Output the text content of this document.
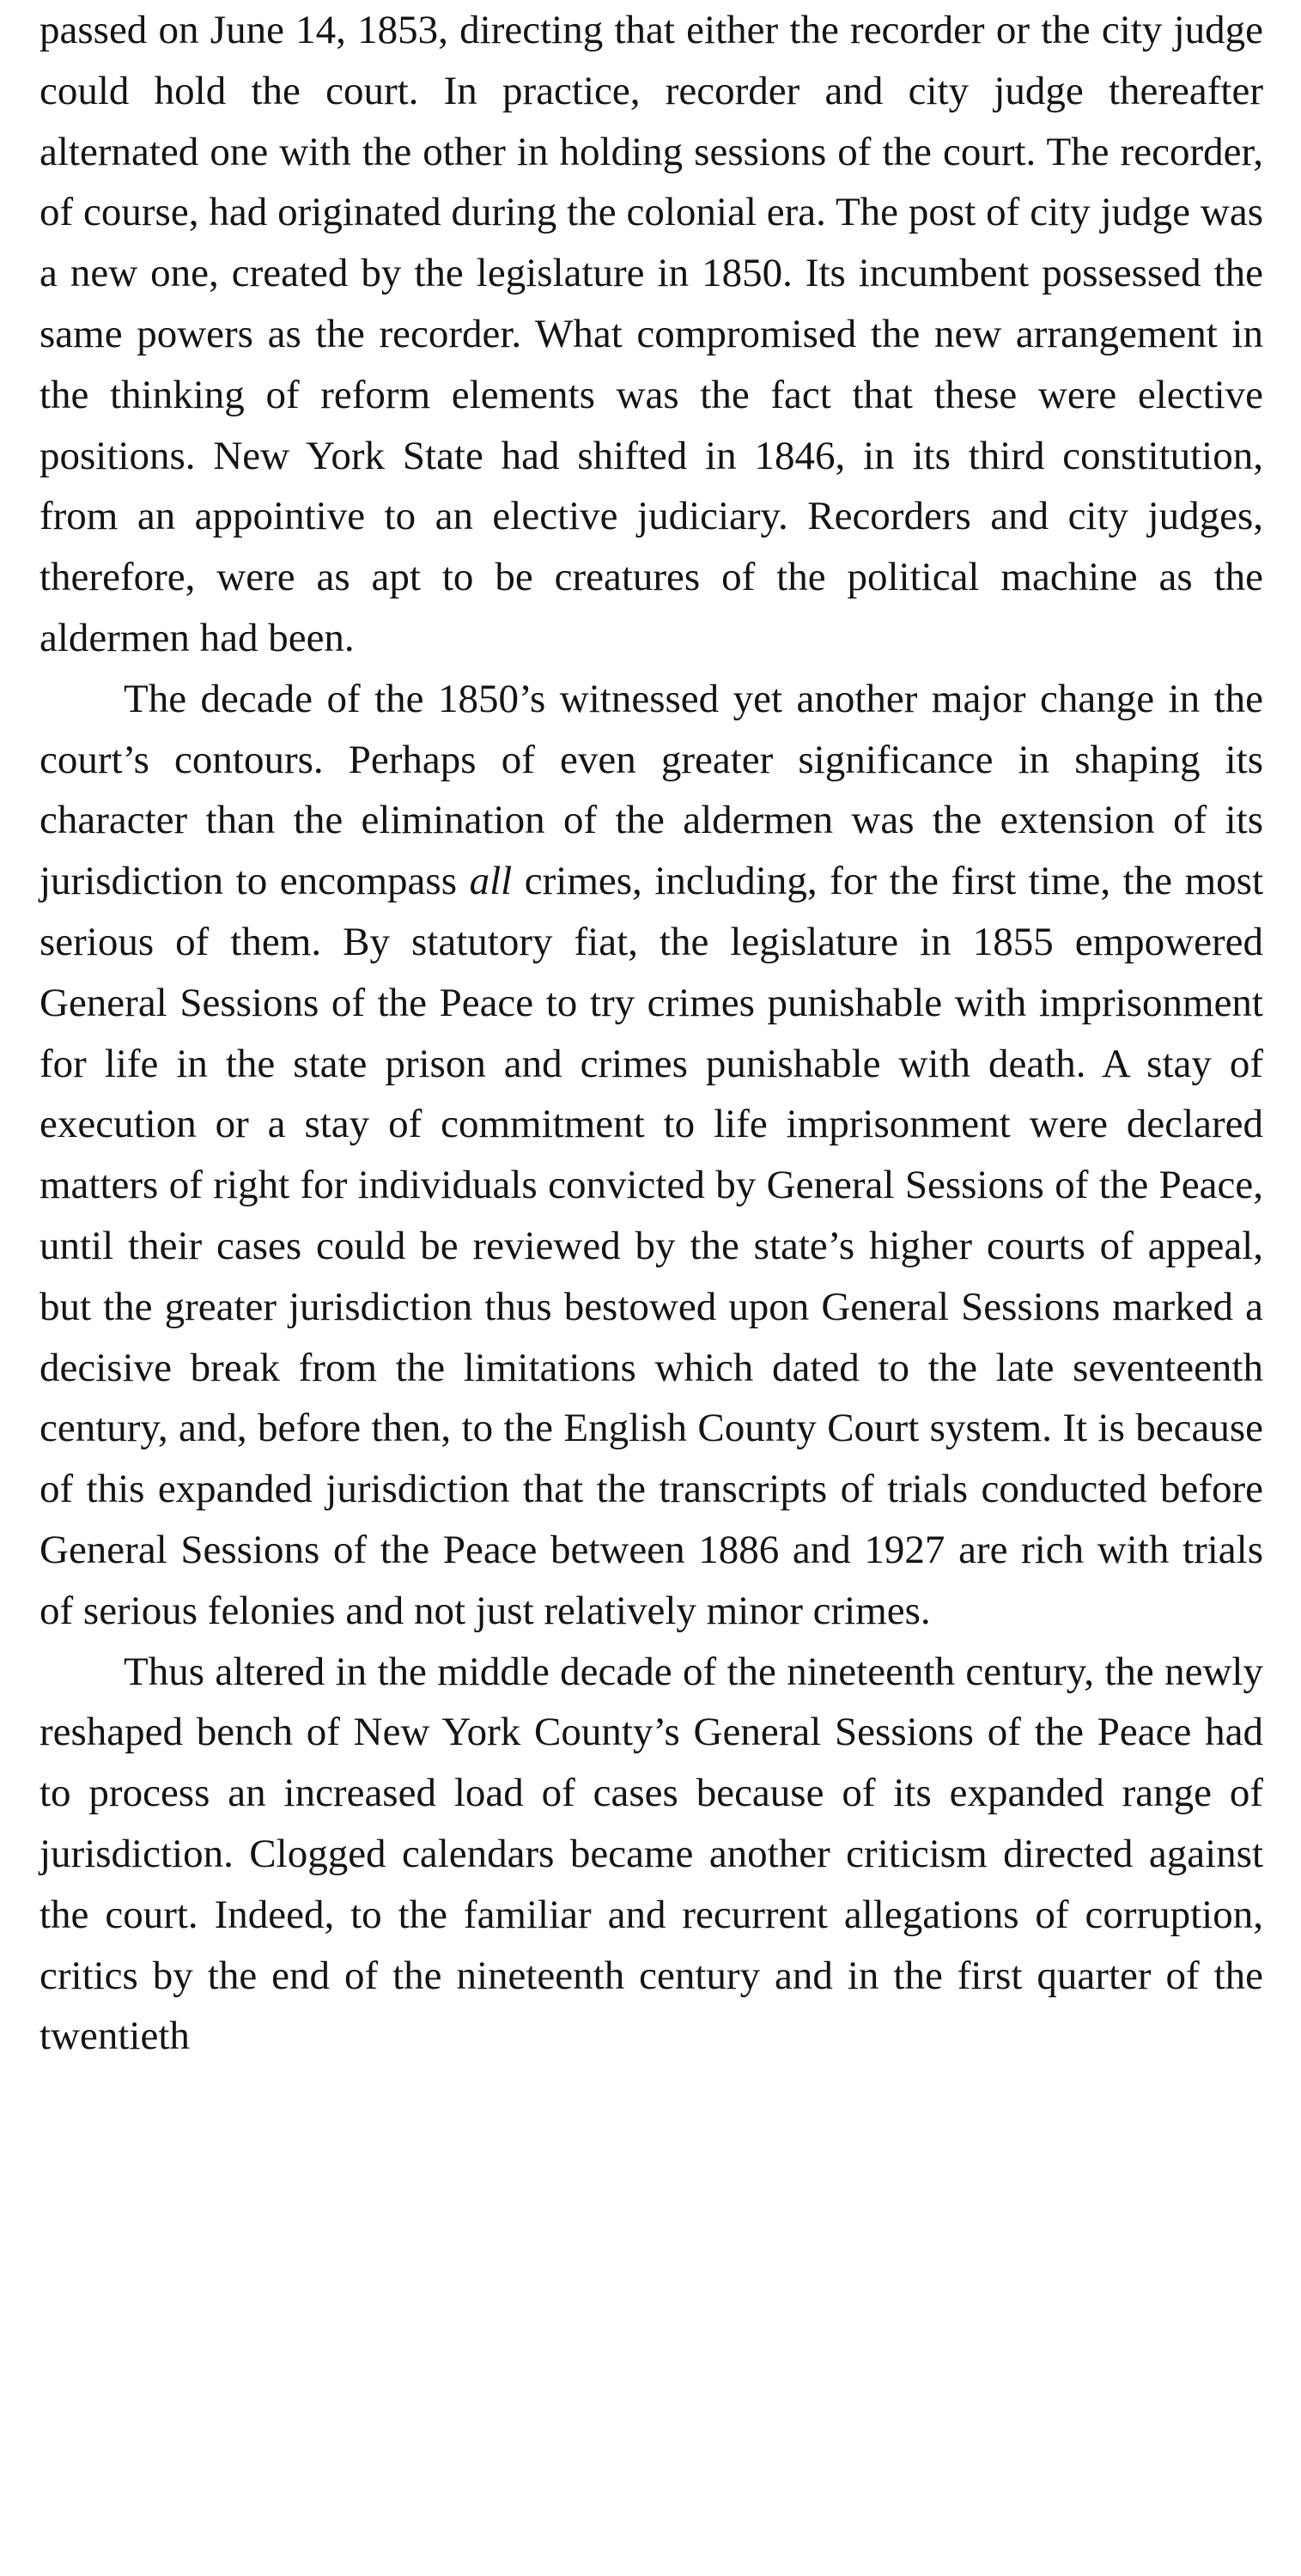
passed on June 14, 1853, directing that either the recorder or the city judge could hold the court. In practice, recorder and city judge thereafter alternated one with the other in holding sessions of the court. The recorder, of course, had originated during the colonial era. The post of city judge was a new one, created by the legislature in 1850. Its incumbent possessed the same powers as the recorder. What compromised the new arrangement in the thinking of reform elements was the fact that these were elective positions. New York State had shifted in 1846, in its third constitution, from an appointive to an elective judiciary. Recorders and city judges, therefore, were as apt to be creatures of the political machine as the aldermen had been.

The decade of the 1850’s witnessed yet another major change in the court’s contours. Perhaps of even greater significance in shaping its character than the elimination of the aldermen was the extension of its jurisdiction to encompass all crimes, including, for the first time, the most serious of them. By statutory fiat, the legislature in 1855 empowered General Sessions of the Peace to try crimes punishable with imprisonment for life in the state prison and crimes punishable with death. A stay of execution or a stay of commitment to life imprisonment were declared matters of right for individuals convicted by General Sessions of the Peace, until their cases could be reviewed by the state’s higher courts of appeal, but the greater jurisdiction thus bestowed upon General Sessions marked a decisive break from the limitations which dated to the late seventeenth century, and, before then, to the English County Court system. It is because of this expanded jurisdiction that the transcripts of trials conducted before General Sessions of the Peace between 1886 and 1927 are rich with trials of serious felonies and not just relatively minor crimes.

Thus altered in the middle decade of the nineteenth century, the newly reshaped bench of New York County’s General Sessions of the Peace had to process an increased load of cases because of its expanded range of jurisdiction. Clogged calendars became another criticism directed against the court. Indeed, to the familiar and recurrent allegations of corruption, critics by the end of the nineteenth century and in the first quarter of the twentieth
